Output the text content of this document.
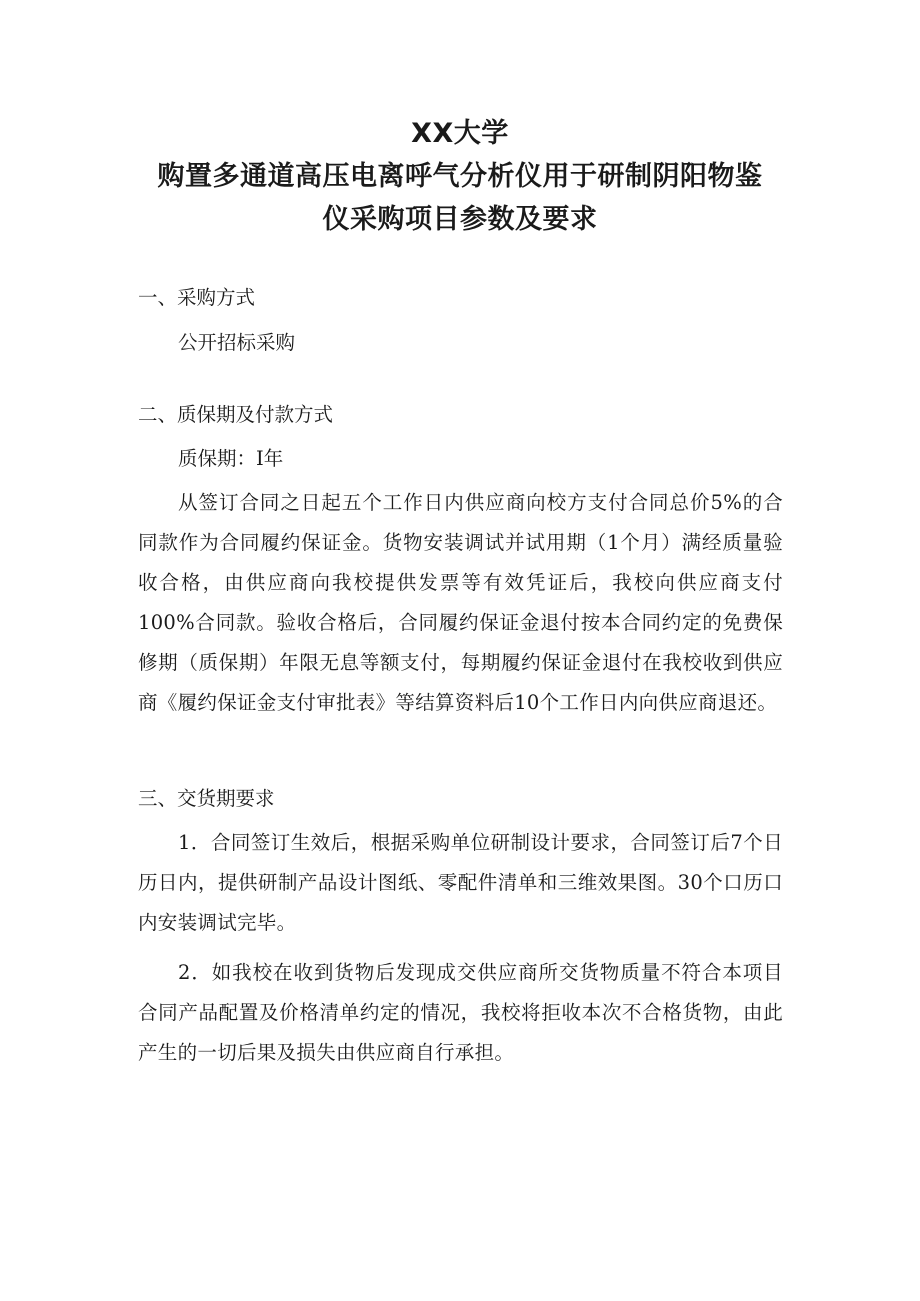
XX大学

购置多通道高压电离呼气分析仪用于研制阴阳物鉴

仪采购项目参数及要求

一、采购方式

公开招标采购

二、质保期及付款方式

质保期：I年

从签订合同之日起五个工作日内供应商向校方支付合同总价5%的合同款作为合同履约保证金。货物安装调试并试用期（1个月）满经质量验收合格，由供应商向我校提供发票等有效凭证后，我校向供应商支付100%合同款。验收合格后，合同履约保证金退付按本合同约定的免费保修期（质保期）年限无息等额支付，每期履约保证金退付在我校收到供应商《履约保证金支付审批表》等结算资料后10个工作日内向供应商退还。

三、交货期要求

1．合同签订生效后，根据采购单位研制设计要求，合同签订后7个日历日内，提供研制产品设计图纸、零配件清单和三维效果图。30个口历口内安装调试完毕。

2．如我校在收到货物后发现成交供应商所交货物质量不符合本项目合同产品配置及价格清单约定的情况，我校将拒收本次不合格货物，由此产生的一切后果及损失由供应商自行承担。
